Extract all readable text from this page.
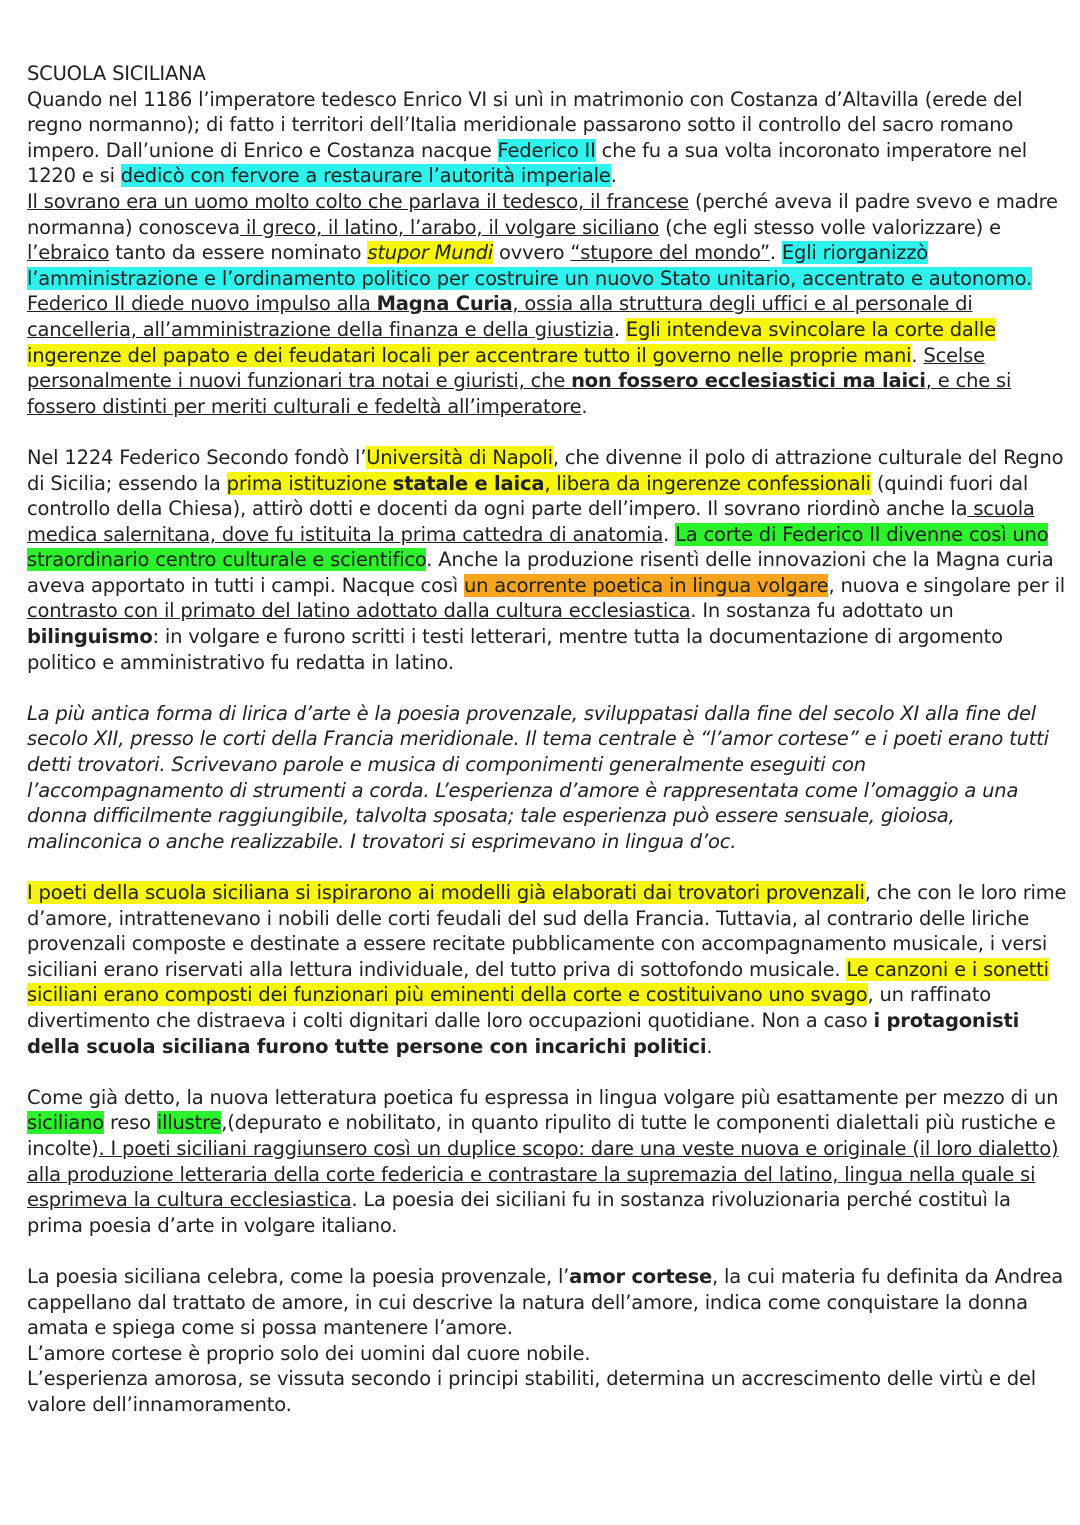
SCUOLA SICILIANA

Quando nel 1186 l’imperatore tedesco Enrico VI si unì in matrimonio con Costanza d’Altavilla (erede del regno normanno); di fatto i territori dell’Italia meridionale passarono sotto il controllo del sacro romano impero. Dall’unione di Enrico e Costanza nacque Federico II che fu a sua volta incoronato imperatore nel 1220 e si dedicò con fervore a restaurare l’autorità imperiale.

Il sovrano era un uomo molto colto che parlava il tedesco, il francese (perché aveva il padre svevo e madre normanna) conosceva il greco, il latino, l’arabo, il volgare siciliano (che egli stesso volle valorizzare) e l’ebraico tanto da essere nominato stupor Mundi ovvero “stupore del mondo”. Egli riorganizzò l’amministrazione e l’ordinamento politico per costruire un nuovo Stato unitario, accentrato e autonomo.

Federico II diede nuovo impulso alla Magna Curia, ossia alla struttura degli uffici e al personale di cancelleria, all’amministrazione della finanza e della giustizia. Egli intendeva svincolare la corte dalle ingerenze del papato e dei feudatari locali per accentrare tutto il governo nelle proprie mani. Scelse personalmente i nuovi funzionari tra notai e giuristi, che non fossero ecclesiastici ma laici, e che si fossero distinti per meriti culturali e fedeltà all’imperatore.

Nel 1224 Federico Secondo fondò l’Università di Napoli, che divenne il polo di attrazione culturale del Regno di Sicilia; essendo la prima istituzione statale e laica, libera da ingerenze confessionali (quindi fuori dal controllo della Chiesa), attirò dotti e docenti da ogni parte dell’impero. Il sovrano riordinò anche la scuola medica salernitana, dove fu istituita la prima cattedra di anatomia. La corte di Federico II divenne così uno straordinario centro culturale e scientifico. Anche la produzione risentì delle innovazioni che la Magna curia aveva apportato in tutti i campi. Nacque così un acorrente poetica in lingua volgare, nuova e singolare per il contrasto con il primato del latino adottato dalla cultura ecclesiastica. In sostanza fu adottato un bilinguismo: in volgare e furono scritti i testi letterari, mentre tutta la documentazione di argomento politico e amministrativo fu redatta in latino.

La più antica forma di lirica d’arte è la poesia provenzale, sviluppatasi dalla fine del secolo XI alla fine del secolo XII, presso le corti della Francia meridionale. Il tema centrale è “l’amor cortese” e i poeti erano tutti detti trovatori. Scrivevano parole e musica di componimenti generalmente eseguiti con l’accompagnamento di strumenti a corda. L’esperienza d’amore è rappresentata come l’omaggio a una donna difficilmente raggiungibile, talvolta sposata; tale esperienza può essere sensuale, gioiosa, malinconica o anche realizzabile. I trovatori si esprimevano in lingua d’oc.

I poeti della scuola siciliana si ispirarono ai modelli già elaborati dai trovatori provenzali, che con le loro rime d’amore, intrattenevano i nobili delle corti feudali del sud della Francia. Tuttavia, al contrario delle liriche provenzali composte e destinate a essere recitate pubblicamente con accompagnamento musicale, i versi siciliani erano riservati alla lettura individuale, del tutto priva di sottofondo musicale. Le canzoni e i sonetti siciliani erano composti dei funzionari più eminenti della corte e costituivano uno svago, un raffinato divertimento che distraeva i colti dignitari dalle loro occupazioni quotidiane. Non a caso i protagonisti della scuola siciliana furono tutte persone con incarichi politici.

Come già detto, la nuova letteratura poetica fu espressa in lingua volgare più esattamente per mezzo di un siciliano reso illustre,(depurato e nobilitato, in quanto ripulito di tutte le componenti dialettali più rustiche e incolte). I poeti siciliani raggiunsero così un duplice scopo: dare una veste nuova e originale (il loro dialetto) alla produzione letteraria della corte federicia e contrastare la supremazia del latino, lingua nella quale si esprimeva la cultura ecclesiastica. La poesia dei siciliani fu in sostanza rivoluzionaria perché costituì la prima poesia d’arte in volgare italiano.

La poesia siciliana celebra, come la poesia provenzale, l’amor cortese, la cui materia fu definita da Andrea cappellano dal trattato de amore, in cui descrive la natura dell’amore, indica come conquistare la donna amata e spiega come si possa mantenere l’amore.

L’amore cortese è proprio solo dei uomini dal cuore nobile.

L’esperienza amorosa, se vissuta secondo i principi stabiliti, determina un accrescimento delle virtù e del valore dell’innamoramento.
